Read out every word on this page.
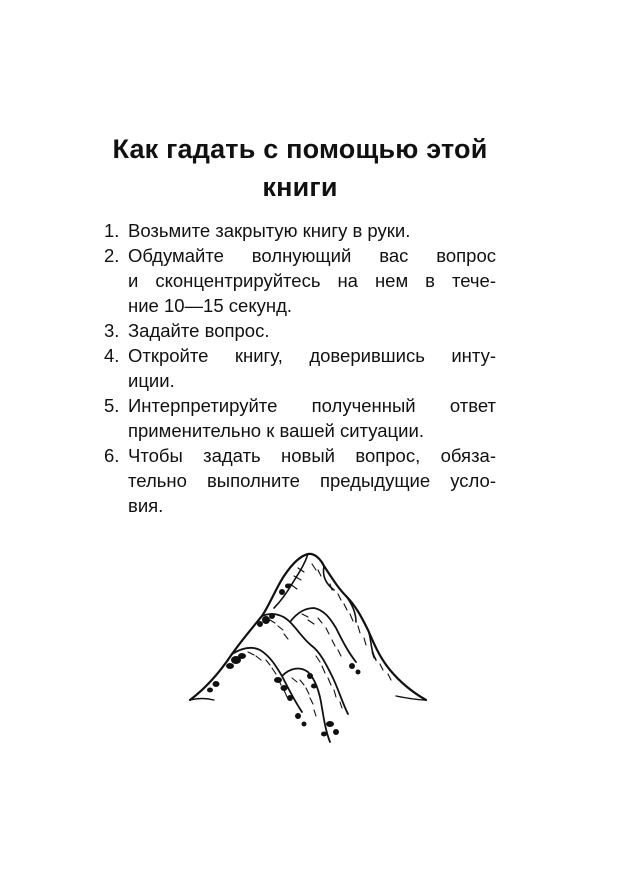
Как гадать с помощью этой
книги
1. Возьмите закрытую книгу в руки.
2. Обдумайте волнующий вас вопрос
и сконцентрируйтесь на нем в тече-
ние 10—15 секунд.
3. Задайте вопрос.
4. Откройте книгу, доверившись инту-
иции.
5. Интерпретируйте полученный ответ
применительно к вашей ситуации.
6. Чтобы задать новый вопрос, обяза-
тельно выполните предыдущие усло-
вия.
